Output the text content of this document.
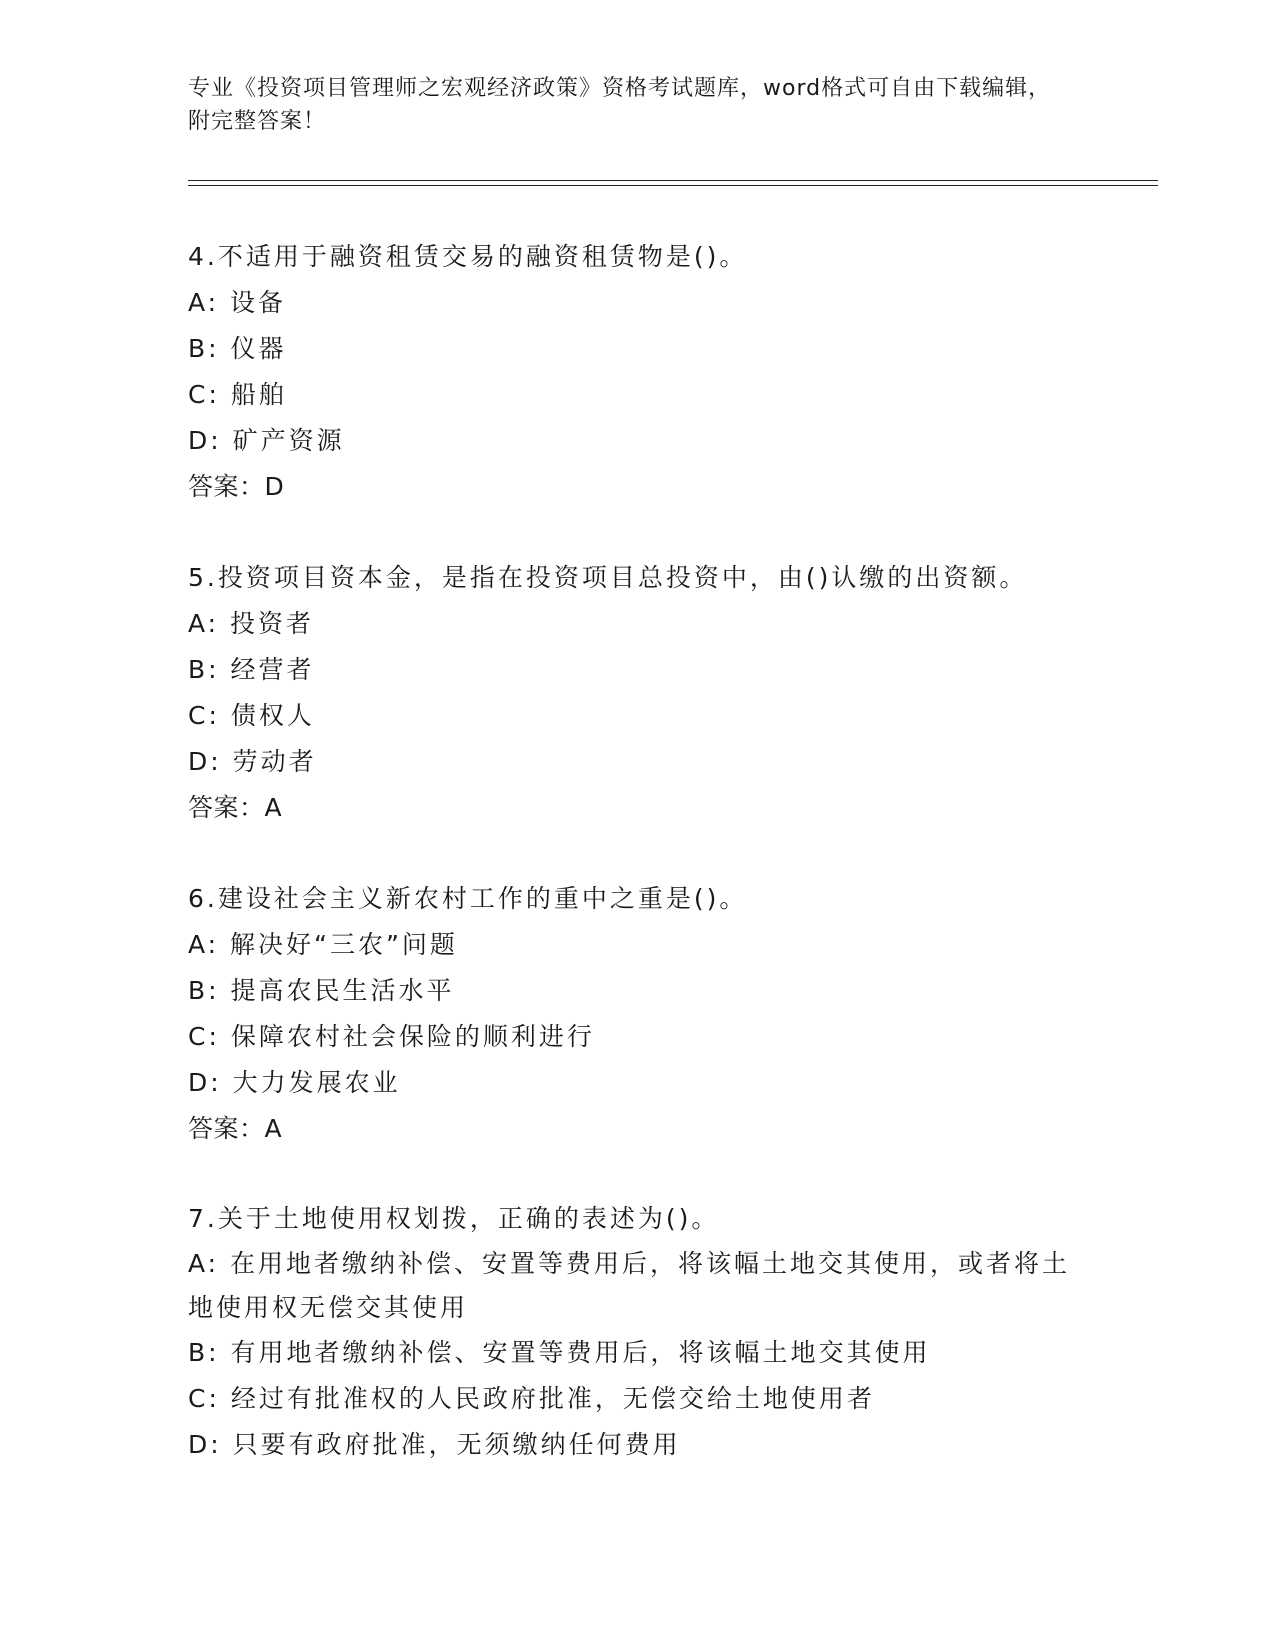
专业《投资项目管理师之宏观经济政策》资格考试题库，word格式可自由下载编辑，附完整答案！
4.不适用于融资租赁交易的融资租赁物是()。
A: 设备
B: 仪器
C: 船舶
D: 矿产资源
答案：D
5.投资项目资本金，是指在投资项目总投资中，由()认缴的出资额。
A: 投资者
B: 经营者
C: 债权人
D: 劳动者
答案：A
6.建设社会主义新农村工作的重中之重是()。
A: 解决好“三农”问题
B: 提高农民生活水平
C: 保障农村社会保险的顺利进行
D: 大力发展农业
答案：A
7.关于土地使用权划拨，正确的表述为()。
A: 在用地者缴纳补偿、安置等费用后，将该幅土地交其使用，或者将土地使用权无偿交其使用
B: 有用地者缴纳补偿、安置等费用后，将该幅土地交其使用
C: 经过有批准权的人民政府批准，无偿交给土地使用者
D: 只要有政府批准，无须缴纳任何费用
